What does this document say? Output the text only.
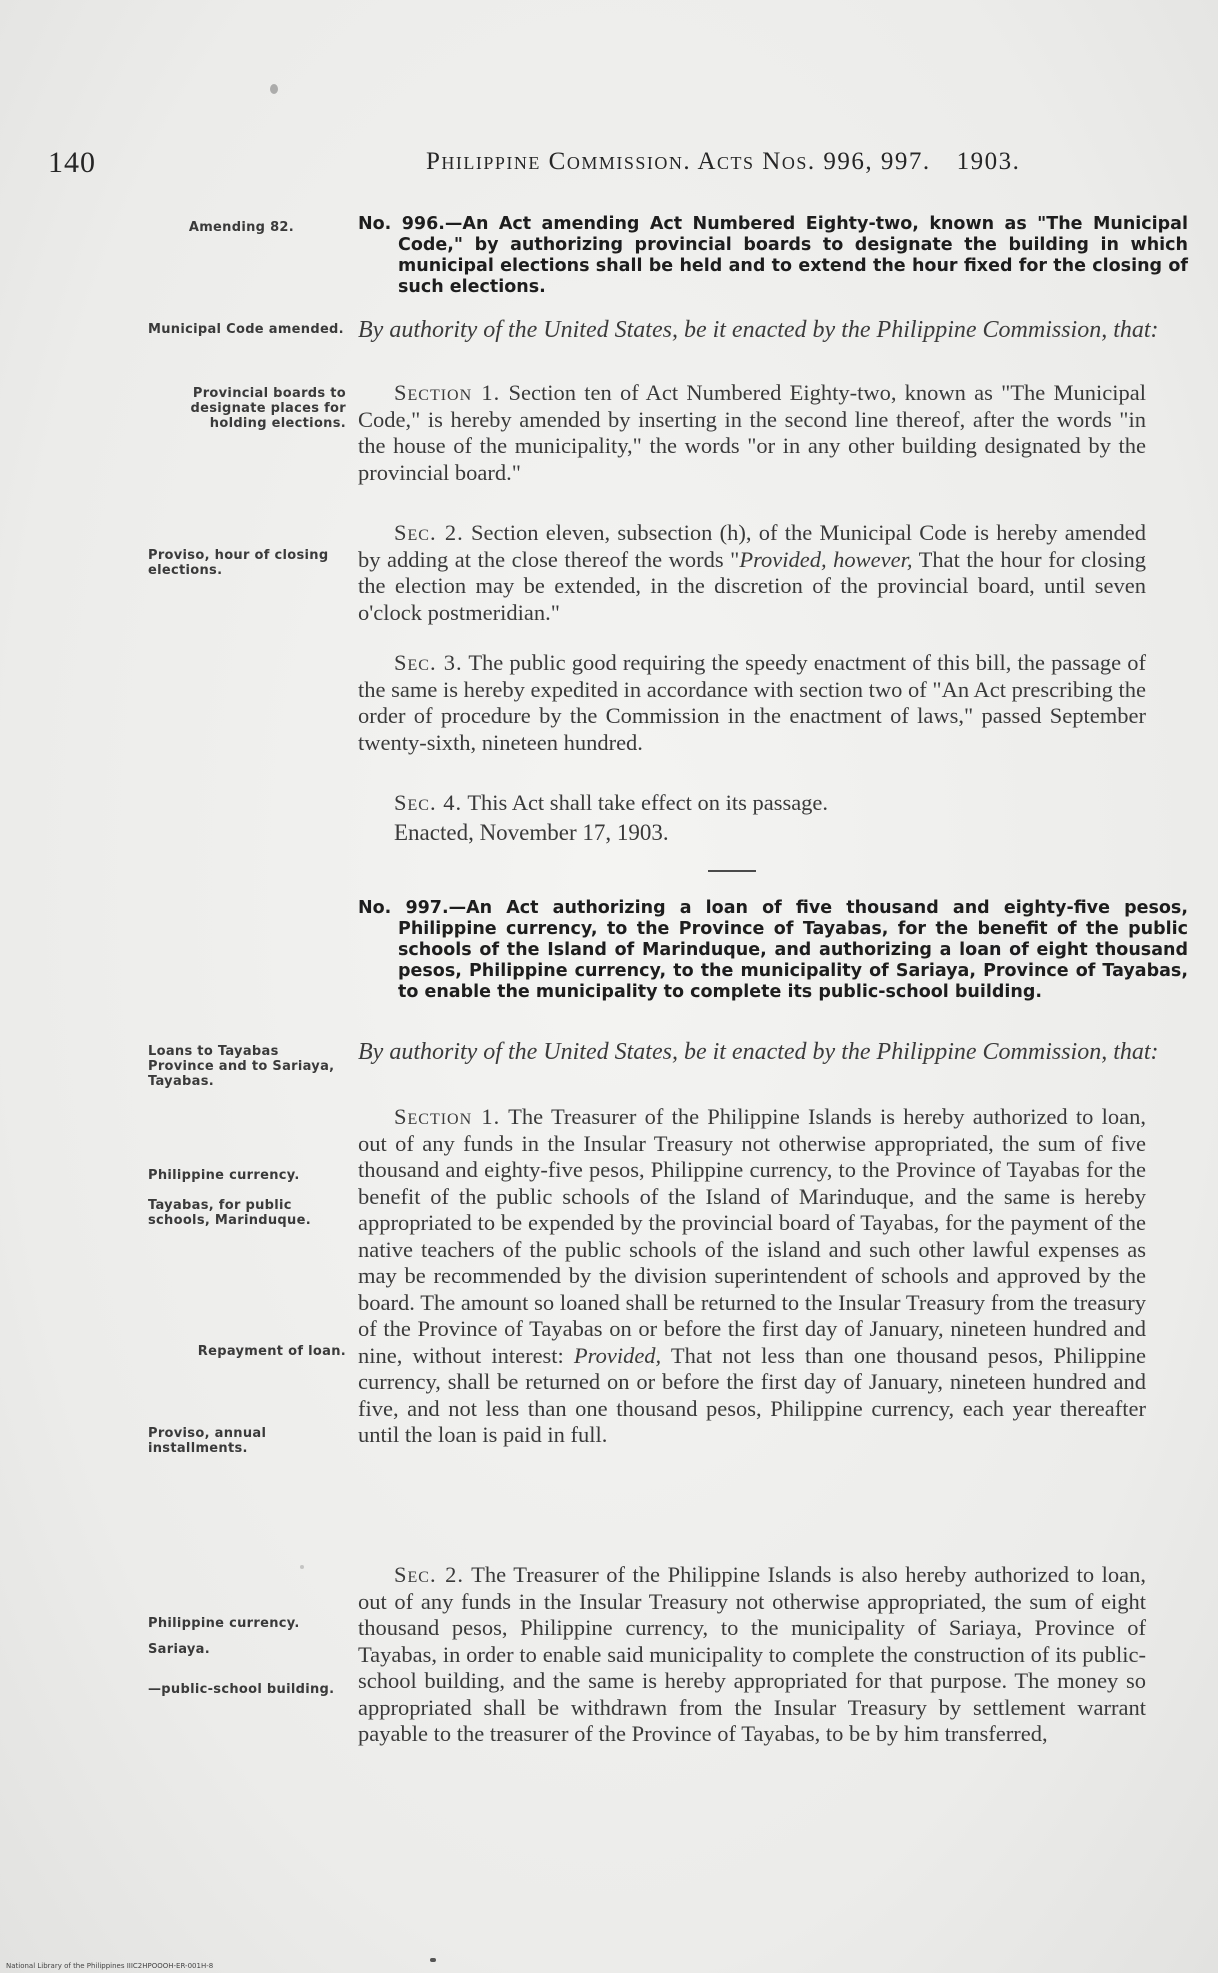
140	Philippine Commission. Acts Nos. 996, 997. 1903.
Amending 82.	No. 996.—An Act amending Act Numbered Eighty-two, known as "The Municipal Code," by authorizing provincial boards to designate the building in which municipal elections shall be held and to extend the hour fixed for the closing of such elections.
Municipal Code amended. By authority of the United States, be it enacted by the Philippine Commission, that:
Provincial boards to designate places for holding elections.

Section 1. Section ten of Act Numbered Eighty-two, known as "The Municipal Code," is hereby amended by inserting in the second line thereof, after the words "in the house of the municipality," the words "or in any other building designated by the provincial board."

Proviso, hour of closing elections.

Sec. 2. Section eleven, subsection (h), of the Municipal Code is hereby amended by adding at the close thereof the words "Provided, however, That the hour for closing the election may be extended, in the discretion of the provincial board, until seven o'clock postmeridian."

Sec. 3. The public good requiring the speedy enactment of this bill, the passage of the same is hereby expedited in accordance with section two of "An Act prescribing the order of procedure by the Commission in the enactment of laws," passed September twenty-sixth, nineteen hundred.

Sec. 4. This Act shall take effect on its passage.

Enacted, November 17, 1903.
No. 997.—An Act authorizing a loan of five thousand and eighty-five pesos, Philippine currency, to the Province of Tayabas, for the benefit of the public schools of the Island of Marinduque, and authorizing a loan of eight thousand pesos, Philippine currency, to the municipality of Sariaya, Province of Tayabas, to enable the municipality to complete its public-school building.
Loans to Tayabas Province and to Sariaya, Tayabas.
By authority of the United States, be it enacted by the Philippine Commission, that:
Philippine currency.
Tayabas, for public schools, Marinduque.
Repayment of loan.
Proviso, annual installments.

Section 1. The Treasurer of the Philippine Islands is hereby authorized to loan, out of any funds in the Insular Treasury not otherwise appropriated, the sum of five thousand and eighty-five pesos, Philippine currency, to the Province of Tayabas for the benefit of the public schools of the Island of Marinduque, and the same is hereby appropriated to be expended by the provincial board of Tayabas, for the payment of the native teachers of the public schools of the island and such other lawful expenses as may be recommended by the division superintendent of schools and approved by the board. The amount so loaned shall be returned to the Insular Treasury from the treasury of the Province of Tayabas on or before the first day of January, nineteen hundred and nine, without interest: Provided, That not less than one thousand pesos, Philippine currency, shall be returned on or before the first day of January, nineteen hundred and five, and not less than one thousand pesos, Philippine currency, each year thereafter until the loan is paid in full.

Philippine currency.
Sariaya.
—public-school building.

Sec. 2. The Treasurer of the Philippine Islands is also hereby authorized to loan, out of any funds in the Insular Treasury not otherwise appropriated, the sum of eight thousand pesos, Philippine currency, to the municipality of Sariaya, Province of Tayabas, in order to enable said municipality to complete the construction of its public-school building, and the same is hereby appropriated for that purpose. The money so appropriated shall be withdrawn from the Insular Treasury by settlement warrant payable to the treasurer of the Province of Tayabas, to be by him transferred,

National Library of the Philippines IIIC2HPOOOH-ER-001H-8
